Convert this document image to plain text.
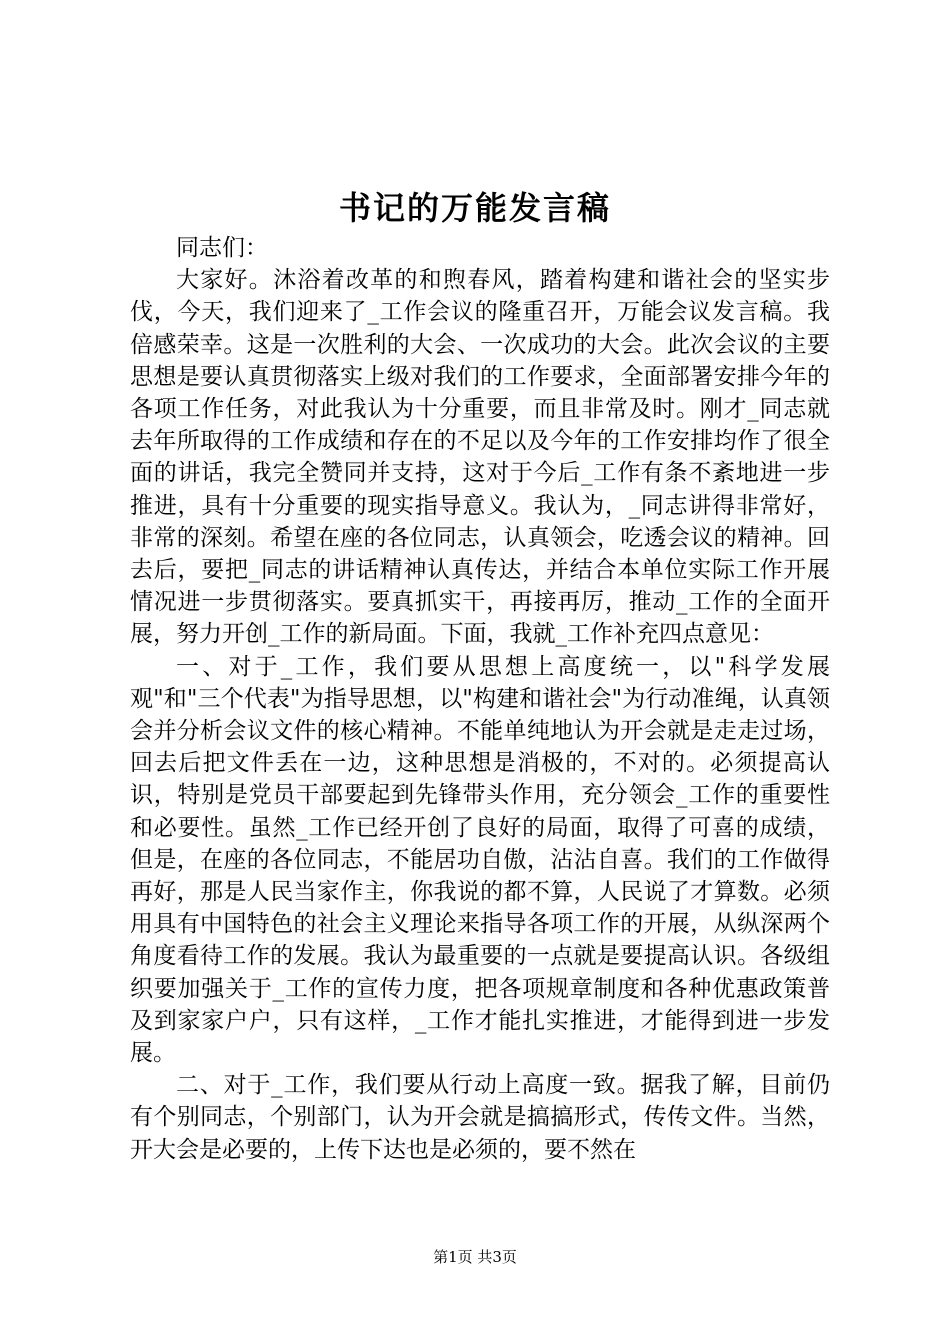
书记的万能发言稿

同志们：

大家好。沐浴着改革的和煦春风，踏着构建和谐社会的坚实步伐，今天，我们迎来了_工作会议的隆重召开，万能会议发言稿。我倍感荣幸。这是一次胜利的大会、一次成功的大会。此次会议的主要思想是要认真贯彻落实上级对我们的工作要求，全面部署安排今年的各项工作任务，对此我认为十分重要，而且非常及时。刚才_同志就去年所取得的工作成绩和存在的不足以及今年的工作安排均作了很全面的讲话，我完全赞同并支持，这对于今后_工作有条不紊地进一步推进，具有十分重要的现实指导意义。我认为，_同志讲得非常好，非常的深刻。希望在座的各位同志，认真领会，吃透会议的精神。回去后，要把_同志的讲话精神认真传达，并结合本单位实际工作开展情况进一步贯彻落实。要真抓实干，再接再厉，推动_工作的全面开展，努力开创_工作的新局面。下面，我就_工作补充四点意见：

一、对于_工作，我们要从思想上高度统一，以"科学发展观"和"三个代表"为指导思想，以"构建和谐社会"为行动准绳，认真领会并分析会议文件的核心精神。不能单纯地认为开会就是走走过场，回去后把文件丢在一边，这种思想是消极的，不对的。必须提高认识，特别是党员干部要起到先锋带头作用，充分领会_工作的重要性和必要性。虽然_工作已经开创了良好的局面，取得了可喜的成绩，但是，在座的各位同志，不能居功自傲，沾沾自喜。我们的工作做得再好，那是人民当家作主，你我说的都不算，人民说了才算数。必须用具有中国特色的社会主义理论来指导各项工作的开展，从纵深两个角度看待工作的发展。我认为最重要的一点就是要提高认识。各级组织要加强关于_工作的宣传力度，把各项规章制度和各种优惠政策普及到家家户户，只有这样，_工作才能扎实推进，才能得到进一步发展。

二、对于_工作，我们要从行动上高度一致。据我了解，目前仍有个别同志，个别部门，认为开会就是搞搞形式，传传文件。当然，开大会是必要的，上传下达也是必须的，要不然在

第1页 共3页
